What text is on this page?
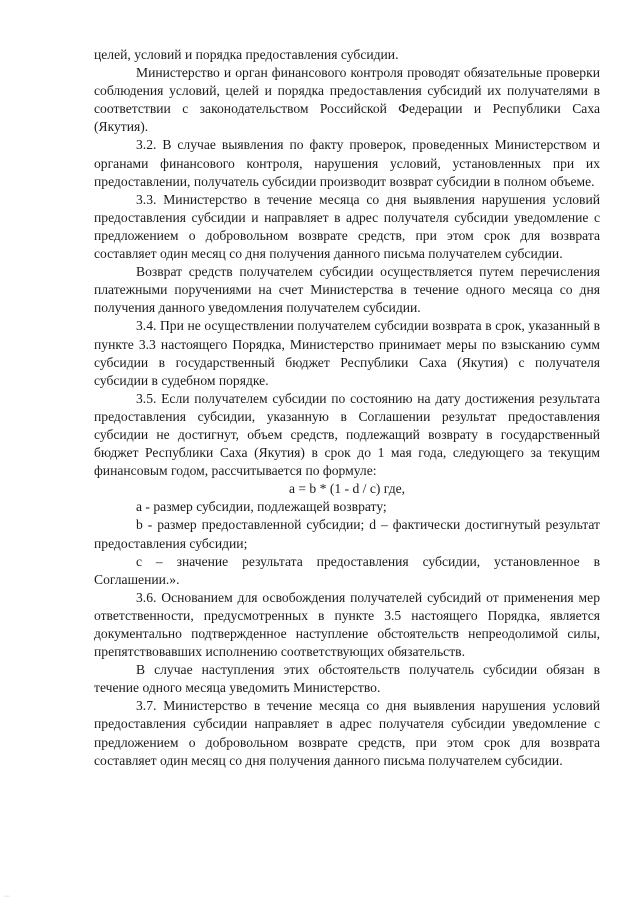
целей, условий и порядка предоставления субсидии.

Министерство и орган финансового контроля проводят обязательные проверки соблюдения условий, целей и порядка предоставления субсидий их получателями в соответствии с законодательством Российской Федерации и Республики Саха (Якутия).

3.2. В случае выявления по факту проверок, проведенных Министерством и органами финансового контроля, нарушения условий, установленных при их предоставлении, получатель субсидии производит возврат субсидии в полном объеме.

3.3. Министерство в течение месяца со дня выявления нарушения условий предоставления субсидии и направляет в адрес получателя субсидии уведомление с предложением о добровольном возврате средств, при этом срок для возврата составляет один месяц со дня получения данного письма получателем субсидии.

Возврат средств получателем субсидии осуществляется путем перечисления платежными поручениями на счет Министерства в течение одного месяца со дня получения данного уведомления получателем субсидии.

3.4. При не осуществлении получателем субсидии возврата в срок, указанный в пункте 3.3 настоящего Порядка, Министерство принимает меры по взысканию сумм субсидии в государственный бюджет Республики Саха (Якутия) с получателя субсидии в судебном порядке.

3.5. Если получателем субсидии по состоянию на дату достижения результата предоставления субсидии, указанную в Соглашении результат предоставления субсидии не достигнут, объем средств, подлежащий возврату в государственный бюджет Республики Саха (Якутия) в срок до 1 мая года, следующего за текущим финансовым годом, рассчитывается по формуле:

a = b * (1 - d / c) где,

а - размер субсидии, подлежащей возврату;

b - размер предоставленной субсидии; d – фактически достигнутый результат предоставления субсидии;

с – значение результата предоставления субсидии, установленное в Соглашении.».

3.6. Основанием для освобождения получателей субсидий от применения мер ответственности, предусмотренных в пункте 3.5 настоящего Порядка, является документально подтвержденное наступление обстоятельств непреодолимой силы, препятствовавших исполнению соответствующих обязательств.

В случае наступления этих обстоятельств получатель субсидии обязан в течение одного месяца уведомить Министерство.

3.7. Министерство в течение месяца со дня выявления нарушения условий предоставления субсидии направляет в адрес получателя субсидии уведомление с предложением о добровольном возврате средств, при этом срок для возврата составляет один месяц со дня получения данного письма получателем субсидии.

⋯
